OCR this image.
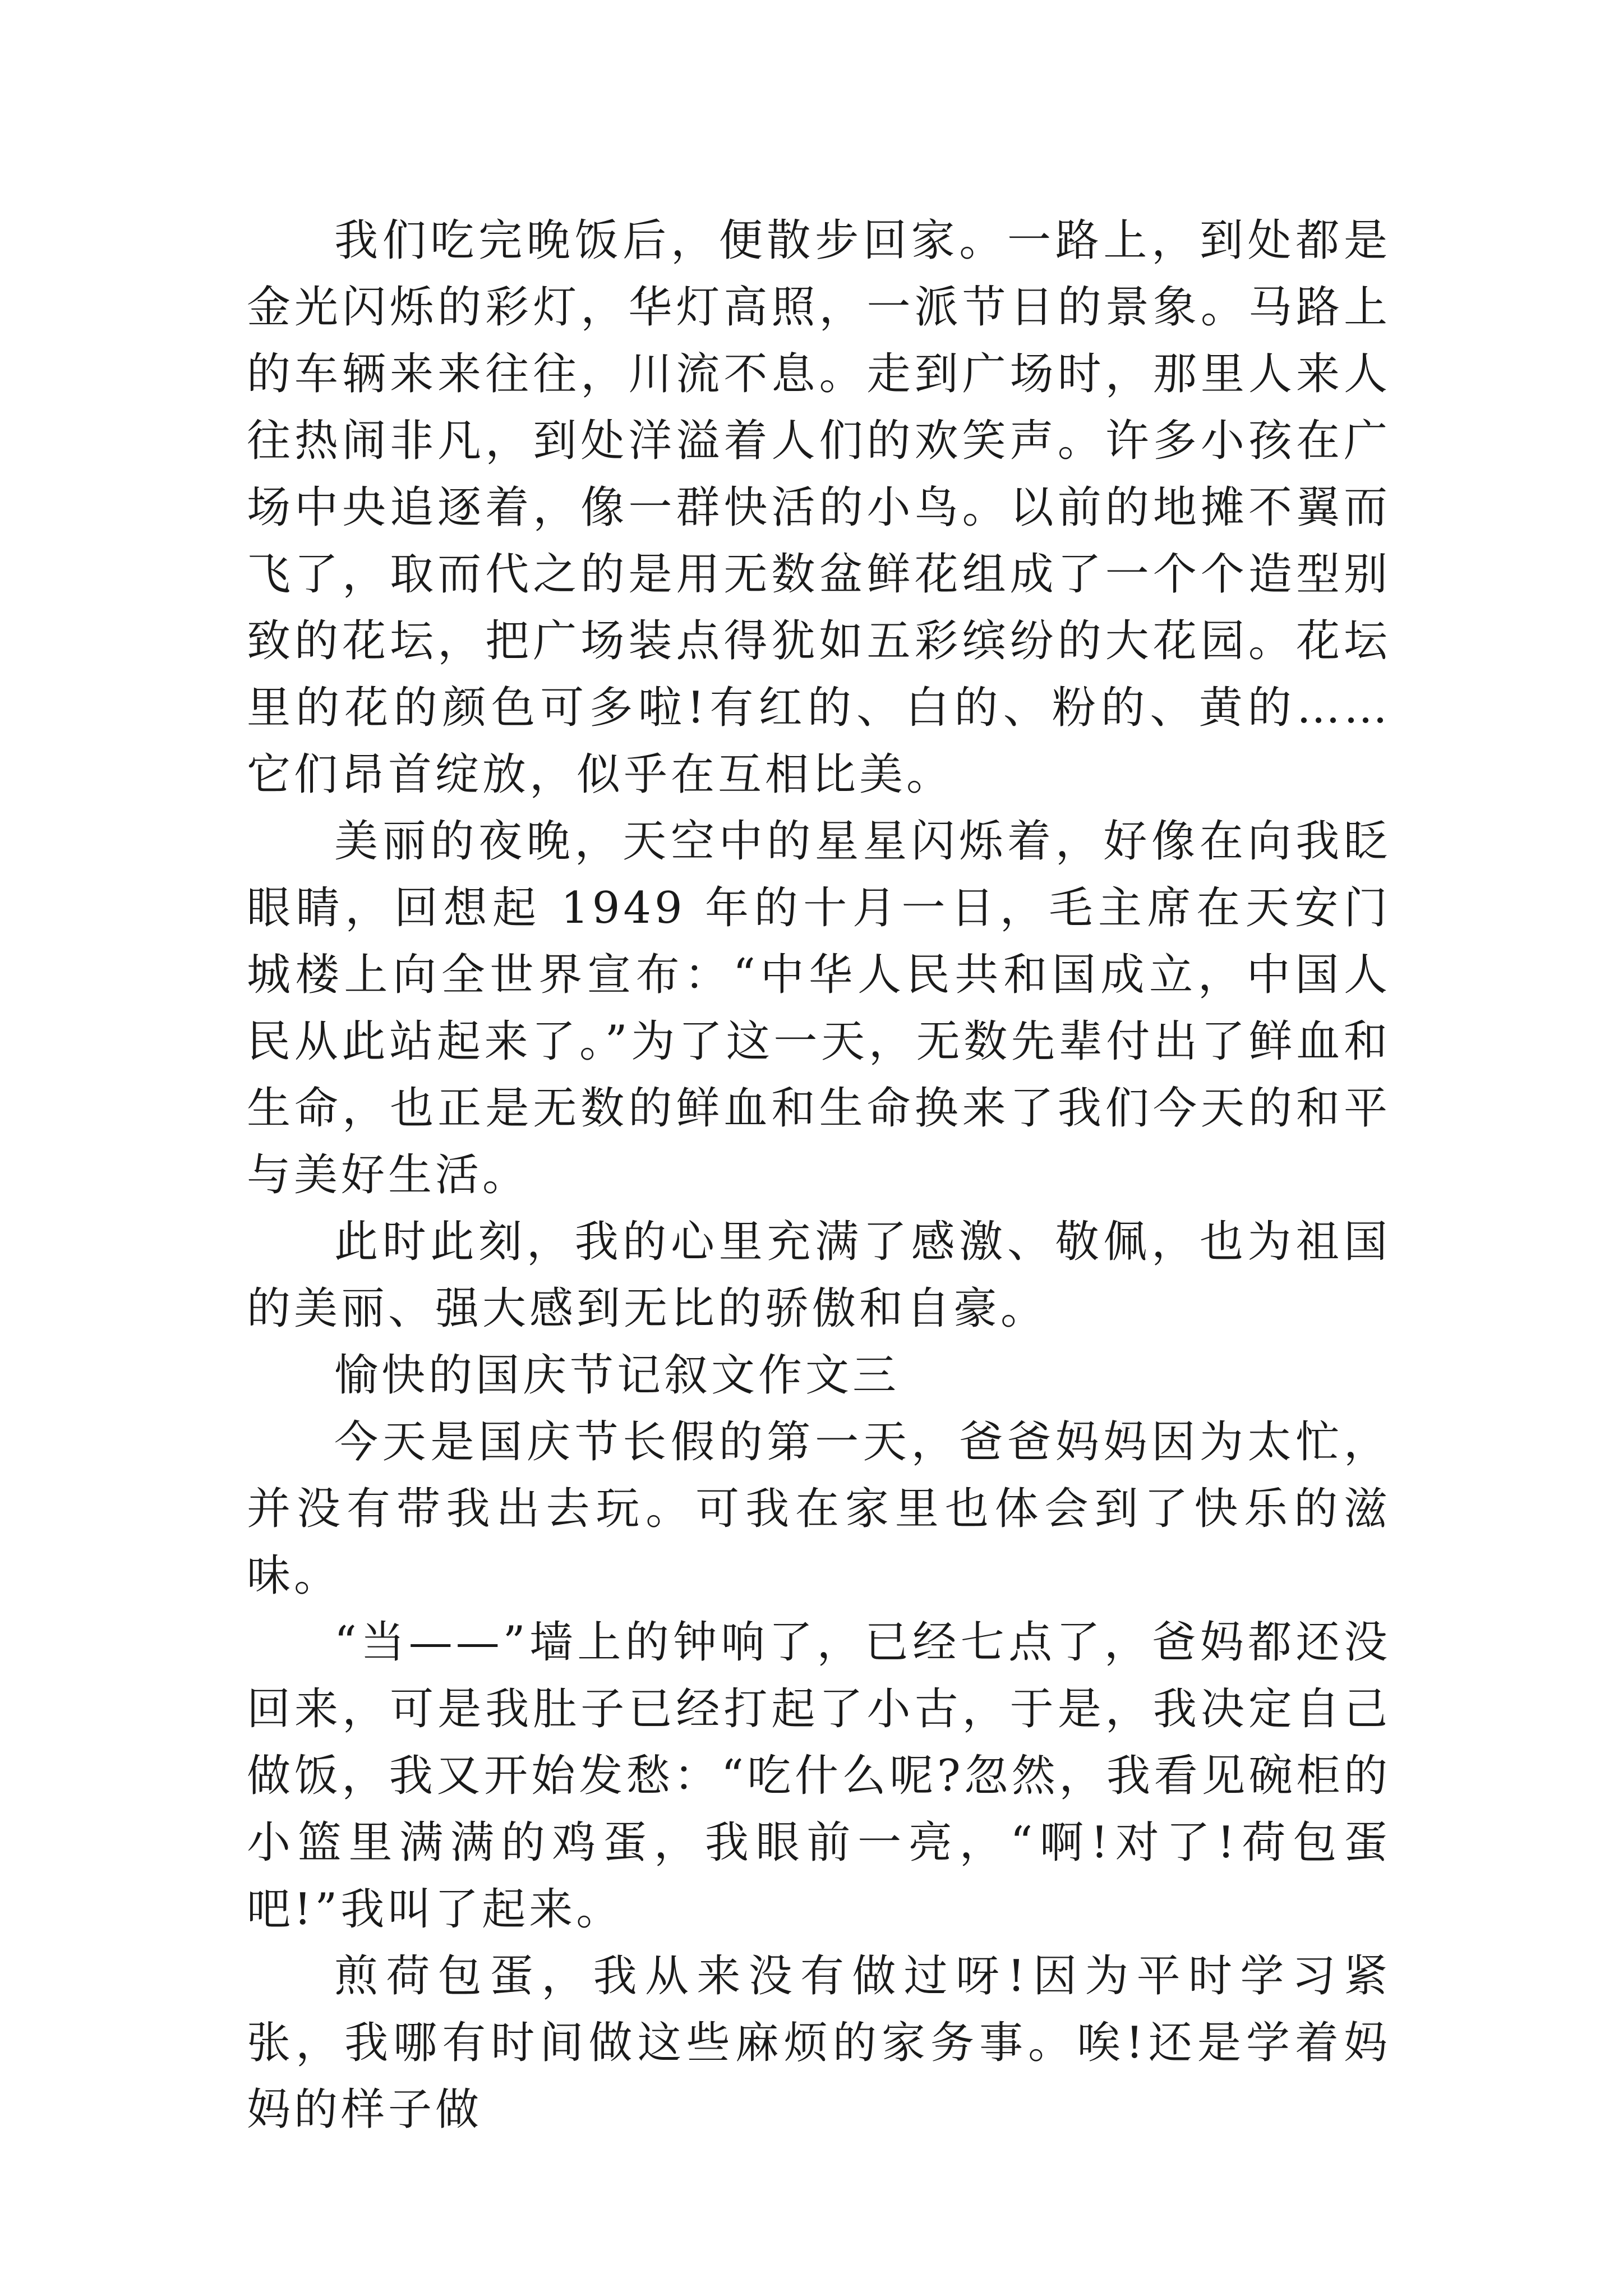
我们吃完晚饭后，便散步回家。一路上，到处都是金光闪烁的彩灯，华灯高照，一派节日的景象。马路上的车辆来来往往，川流不息。走到广场时，那里人来人往热闹非凡，到处洋溢着人们的欢笑声。许多小孩在广场中央追逐着，像一群快活的小鸟。以前的地摊不翼而飞了，取而代之的是用无数盆鲜花组成了一个个造型别致的花坛，把广场装点得犹如五彩缤纷的大花园。花坛里的花的颜色可多啦!有红的、白的、粉的、黄的……它们昂首绽放，似乎在互相比美。

美丽的夜晚，天空中的星星闪烁着，好像在向我眨眼睛，回想起 1949 年的十月一日，毛主席在天安门城楼上向全世界宣布：“中华人民共和国成立，中国人民从此站起来了。”为了这一天，无数先辈付出了鲜血和生命，也正是无数的鲜血和生命换来了我们今天的和平与美好生活。

此时此刻，我的心里充满了感激、敬佩，也为祖国的美丽、强大感到无比的骄傲和自豪。

愉快的国庆节记叙文作文三

今天是国庆节长假的第一天，爸爸妈妈因为太忙，并没有带我出去玩。可我在家里也体会到了快乐的滋味。

“当——”墙上的钟响了，已经七点了，爸妈都还没回来，可是我肚子已经打起了小古，于是，我决定自己做饭，我又开始发愁：“吃什么呢?忽然，我看见碗柜的小篮里满满的鸡蛋，我眼前一亮，“啊!对了!荷包蛋吧!”我叫了起来。

煎荷包蛋，我从来没有做过呀!因为平时学习紧张，我哪有时间做这些麻烦的家务事。唉!还是学着妈妈的样子做
